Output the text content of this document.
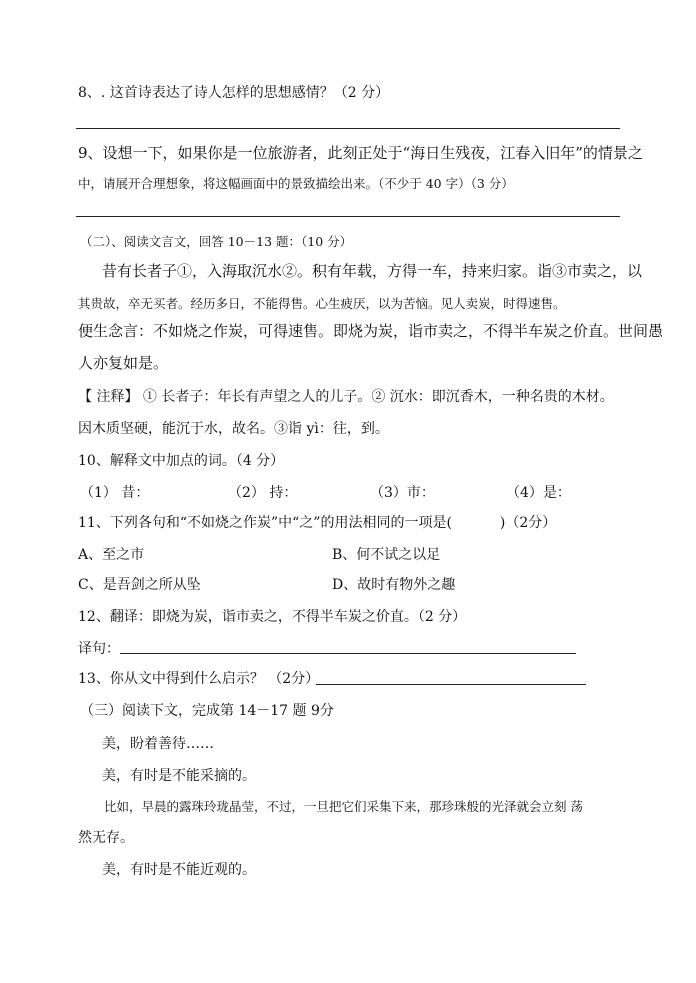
8、. 这首诗表达了诗人怎样的思想感情？（2 分）
9、设想一下，如果你是一位旅游者，此刻正处于“海日生残夜，江春入旧年”的情景之
中，请展开合理想象，将这幅画面中的景致描绘出来。（不少于 40 字）（3 分）
（二）、阅读文言文，回答 10－13 题：（10 分）
昔有长者子①，入海取沉水②。积有年载，方得一车，持来归家。诣③市卖之，以
其贵故，卒无买者。经历多日，不能得售。心生疲厌，以为苦恼。见人卖炭，时得速售。
便生念言：不如烧之作炭，可得速售。即烧为炭，诣市卖之，不得半车炭之价直。世间愚
人亦复如是。
【 注释】 ① 长者子：年长有声望之人的儿子。② 沉水：即沉香木，一种名贵的木材。
因木质坚硬，能沉于水，故名。③诣 yì：往，到。
10、解释文中加点的词。（4 分）
（1） 昔：	（2） 持：	（3）市：	（4）是：
11、下列各句和“不如烧之作炭”中“之”的用法相同的一项是(	)（2分）
A、至之市	B、何不试之以足
C、是吾剑之所从坠	D、故时有物外之趣
12、翻译：即烧为炭，诣市卖之，不得半车炭之价直。（2 分）
译句：
13、你从文中得到什么启示？ （2分）
（三）阅读下文，完成第 14－17 题 9分
美，盼着善待……
美，有时是不能采摘的。
比如，早晨的露珠玲珑晶莹，不过，一旦把它们采集下来，那珍珠般的光泽就会立刻 荡
然无存。
美，有时是不能近观的。
